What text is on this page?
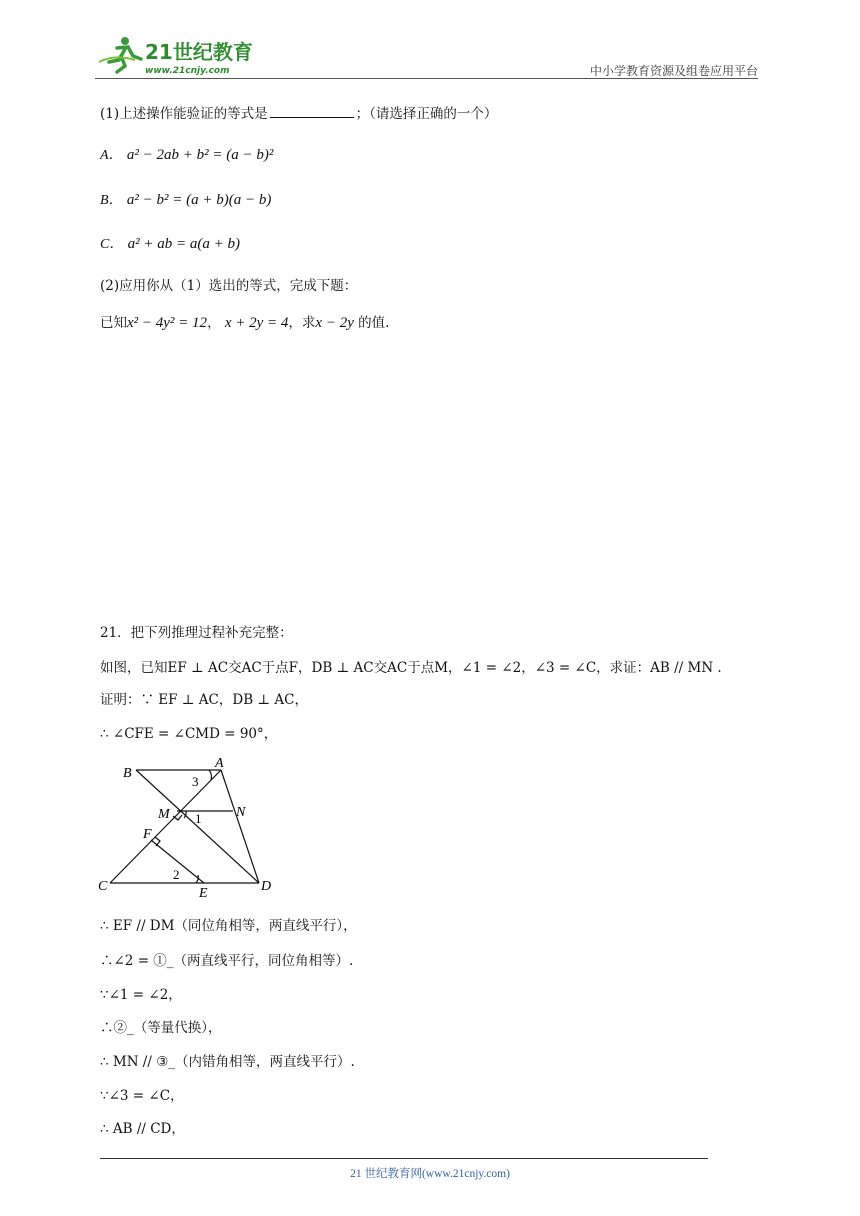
21世纪教育
www.21cnjy.com	中小学教育资源及组卷应用平台
(1)上述操作能验证的等式是	；（请选择正确的一个）
A． a² − 2ab + b² = (a − b)²
B． a² − b² = (a + b)(a − b)
C． a² + ab = a(a + b)
(2)应用你从（1）选出的等式，完成下题：
已知x² − 4y² = 12， x + 2y = 4，求x − 2y 的值.
21．把下列推理过程补充完整：
如图，已知EF ⊥ AC交AC于点F，DB ⊥ AC交AC于点M，∠1 = ∠2，∠3 = ∠C，求证：AB // MN .
证明：∵ EF ⊥ AC，DB ⊥ AC，
∴ ∠CFE = ∠CMD = 90°，
B
A
N
M
F
C	E	D
3
1
2
∴ EF // DM（同位角相等，两直线平行），
∴∠2 = ①_（两直线平行，同位角相等）.
∵∠1 = ∠2，
∴②_（等量代换），
∴ MN // ③_（内错角相等，两直线平行）.
∵∠3 = ∠C，
∴ AB // CD，
21 世纪教育网(www.21cnjy.com)
